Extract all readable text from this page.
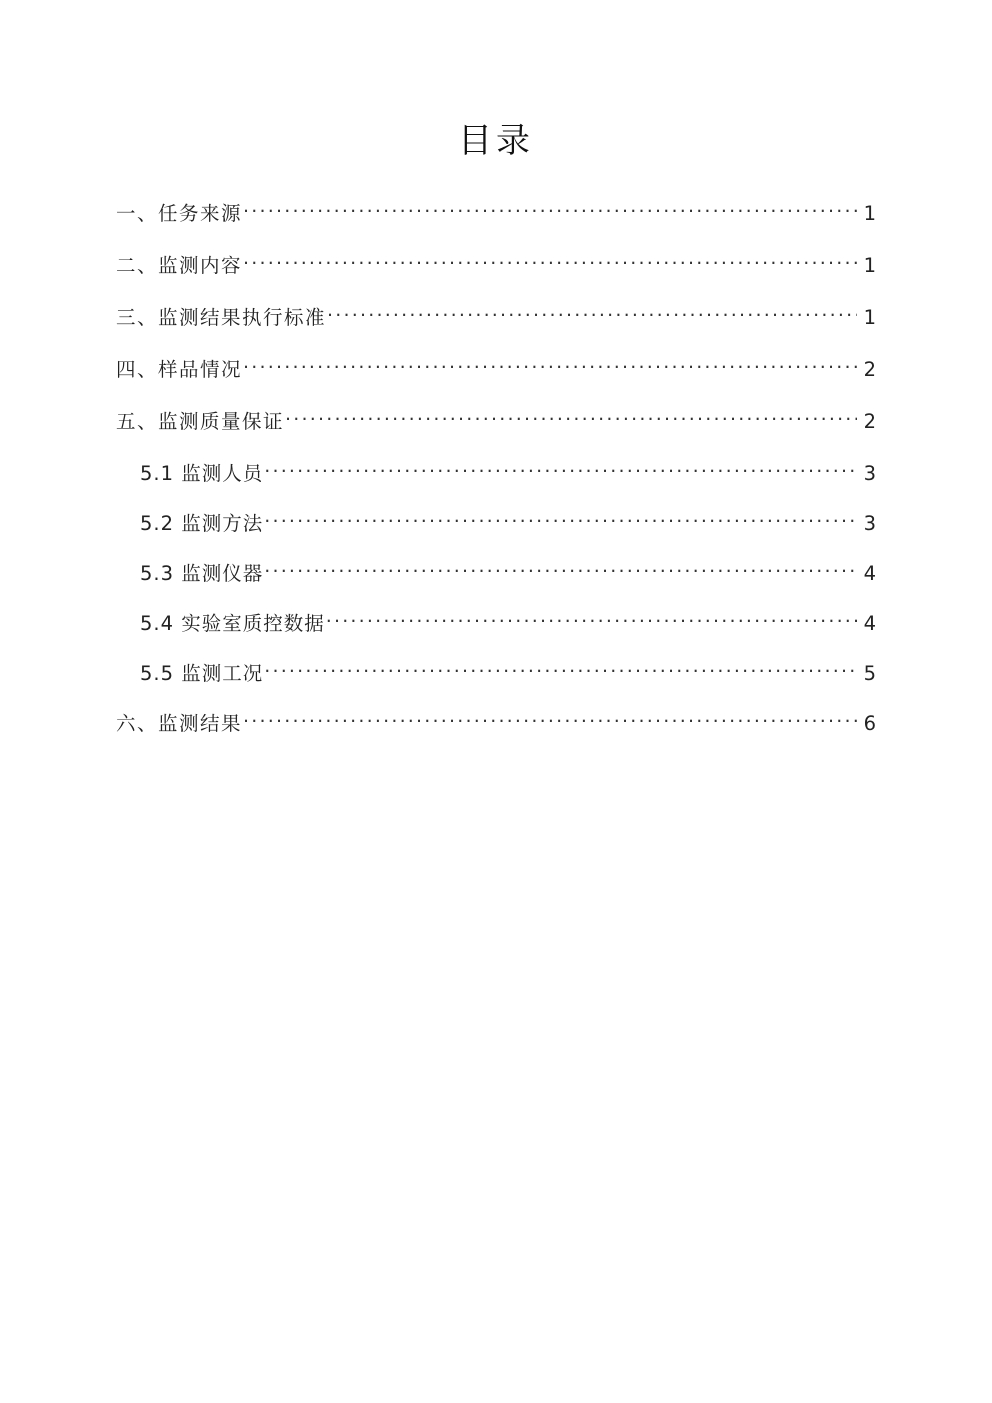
目录
一、任务来源 .....	1
二、监测内容 .....	1
三、监测结果执行标准 .....	1
四、样品情况 .....	2
五、监测质量保证 .....	2
5.1 监测人员 .....	3
5.2 监测方法 .....	3
5.3 监测仪器 .....	4
5.4 实验室质控数据 .....	4
5.5 监测工况 .....	5
六、监测结果 .....	6
